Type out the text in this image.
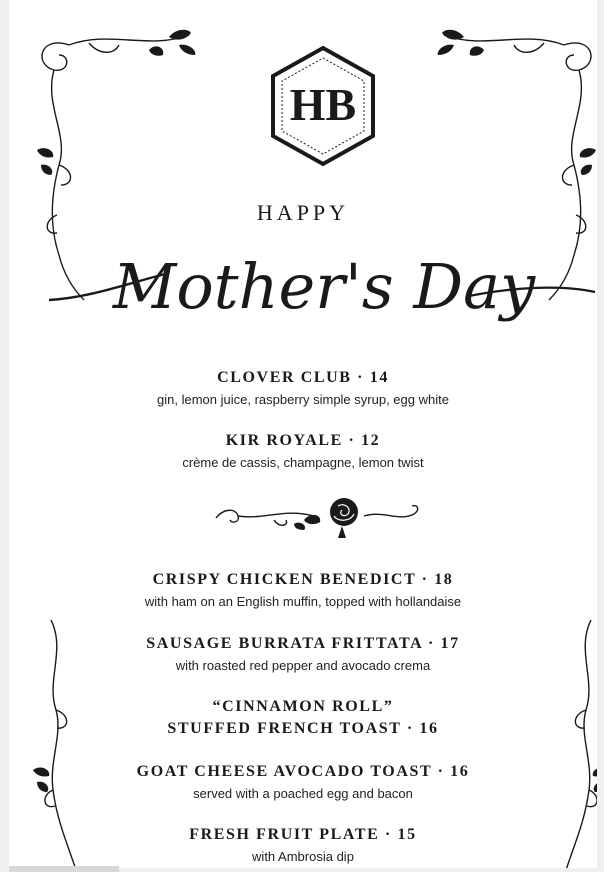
HB
HAPPY
Mother's Day
CLOVER CLUB · 14
gin, lemon juice, raspberry simple syrup, egg white
KIR ROYALE · 12
crème de cassis, champagne, lemon twist
CRISPY CHICKEN BENEDICT · 18
with ham on an English muffin, topped with hollandaise
SAUSAGE BURRATA FRITTATA · 17
with roasted red pepper and avocado crema
“CINNAMON ROLL”
STUFFED FRENCH TOAST · 16
GOAT CHEESE AVOCADO TOAST · 16
served with a poached egg and bacon
FRESH FRUIT PLATE · 15
with Ambrosia dip
